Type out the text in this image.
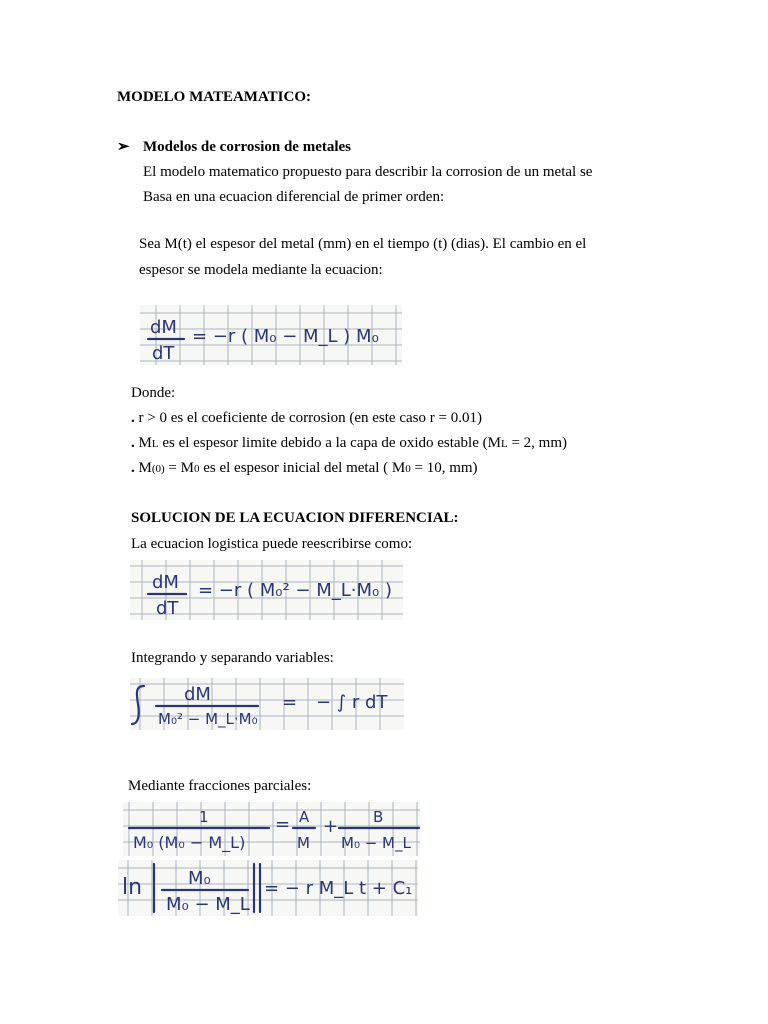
MODELO MATEAMATICO:
➢ Modelos de corrosion de metales
El modelo matematico propuesto para describir la corrosion de un metal se
Basa en una ecuacion diferencial de primer orden:
Sea M(t) el espesor del metal (mm) en el tiempo (t) (dias). El cambio en el
espesor se modela mediante la ecuacion:
dM
dT
= −r ( M₀ − M_L ) M₀
Donde:
. r > 0 es el coeficiente de corrosion (en este caso r = 0.01)
. ML es el espesor limite debido a la capa de oxido estable (ML = 2, mm)
. M(0) = M0 es el espesor inicial del metal ( M0 = 10, mm)
SOLUCION DE LA ECUACION DIFERENCIAL:
La ecuacion logistica puede reescribirse como:
dM
dT
= −r ( M₀² − M_L·M₀ )
Integrando y separando variables:
dM
M₀² − M_L·M₀
= − ∫ r dT
Mediante fracciones parciales:
1
M₀ (M₀ − M_L)
= A
M
+ B
M₀ − M_L
ln	M₀
M₀ − M_L
= − r M_L t + C₁
